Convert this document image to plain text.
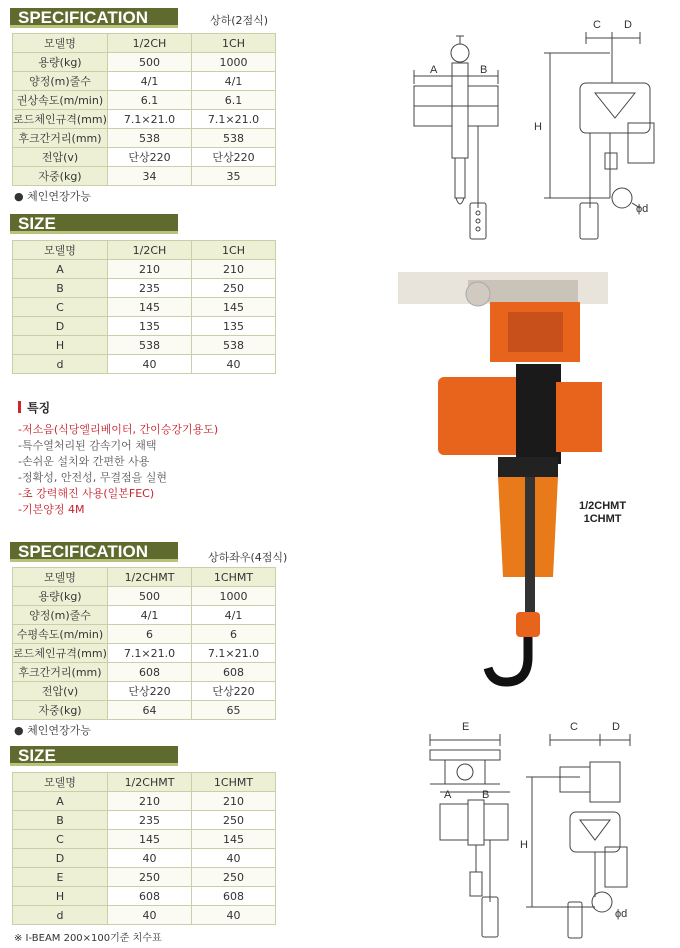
SPECIFICATION	상하(2점식)
모델명	1/2CH	1CH
용량(kg)	500	1000
양정(m)줄수	4/1	4/1
권상속도(m/min)	6.1	6.1
로드체인규격(mm)	7.1×21.0	7.1×21.0
후크간거리(mm)	538	538
전압(v)	단상220	단상220
자중(kg)	34	35
● 체인연장가능
SIZE
모델명	1/2CH	1CH
A	210	210
B	235	250
C	145	145
D	135	135
H	538	538
d	40	40
특징
-저소음(식당엘리베이터, 간이승강기용도)
-특수열처리된 감속기어 채택
-손쉬운 설치와 간편한 사용
-정확성, 안전성, 무결점을 실현
-초 강력해진 사용(일본FEC)
-기본양정 4M
SPECIFICATION	상하좌우(4점식)
모델명	1/2CHMT	1CHMT
용량(kg)	500	1000
양정(m)줄수	4/1	4/1
수평속도(m/min)	6	6
로드체인규격(mm)	7.1×21.0	7.1×21.0
후크간거리(mm)	608	608
전압(v)	단상220	단상220
자중(kg)	64	65
● 체인연장가능
SIZE
모델명	1/2CHMT	1CHMT
A	210	210
B	235	250
C	145	145
D	40	40
E	250	250
H	608	608
d	40	40
※ I-BEAM 200×100기준 치수표
A	B
C D
H
ϕd
1/2CHMT
1CHMT
E
A	B
C	D
H
ϕd
